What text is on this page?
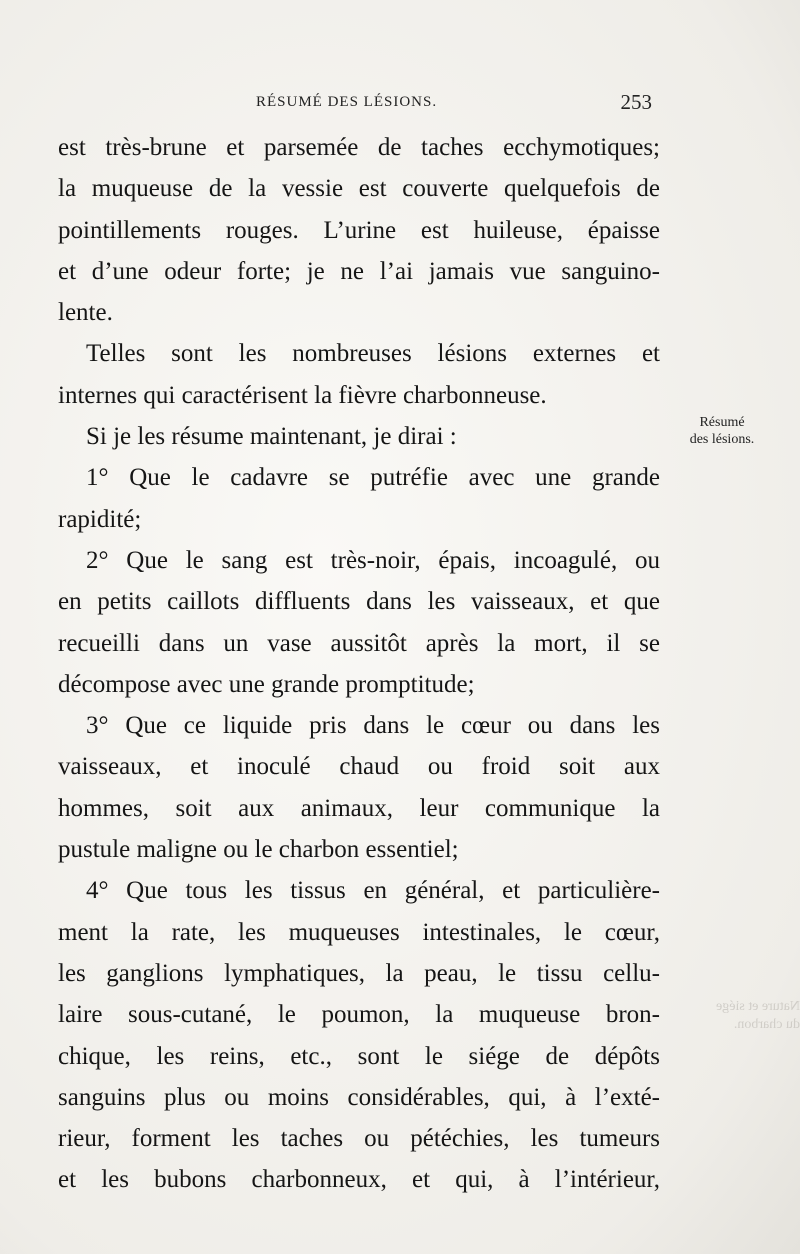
RÉSUMÉ DES LÉSIONS.	253
est très-brune et parsemée de taches ecchymotiques;
la muqueuse de la vessie est couverte quelquefois de
pointillements rouges. L’urine est huileuse, épaisse
et d’une odeur forte; je ne l’ai jamais vue sanguino-
lente.
Telles sont les nombreuses lésions externes et
internes qui caractérisent la fièvre charbonneuse.
Si je les résume maintenant, je dirai :
1° Que le cadavre se putréfie avec une grande
rapidité;
2° Que le sang est très-noir, épais, incoagulé, ou
en petits caillots diffluents dans les vaisseaux, et que
recueilli dans un vase aussitôt après la mort, il se
décompose avec une grande promptitude;
3° Que ce liquide pris dans le cœur ou dans les
vaisseaux, et inoculé chaud ou froid soit aux
hommes, soit aux animaux, leur communique la
pustule maligne ou le charbon essentiel;
4° Que tous les tissus en général, et particulière-
ment la rate, les muqueuses intestinales, le cœur,
les ganglions lymphatiques, la peau, le tissu cellu-
laire sous-cutané, le poumon, la muqueuse bron-
chique, les reins, etc., sont le siége de dépôts
sanguins plus ou moins considérables, qui, à l’exté-
rieur, forment les taches ou pétéchies, les tumeurs
et les bubons charbonneux, et qui, à l’intérieur,
Résumé
des lésions.
Nature et siége
du charbon.
